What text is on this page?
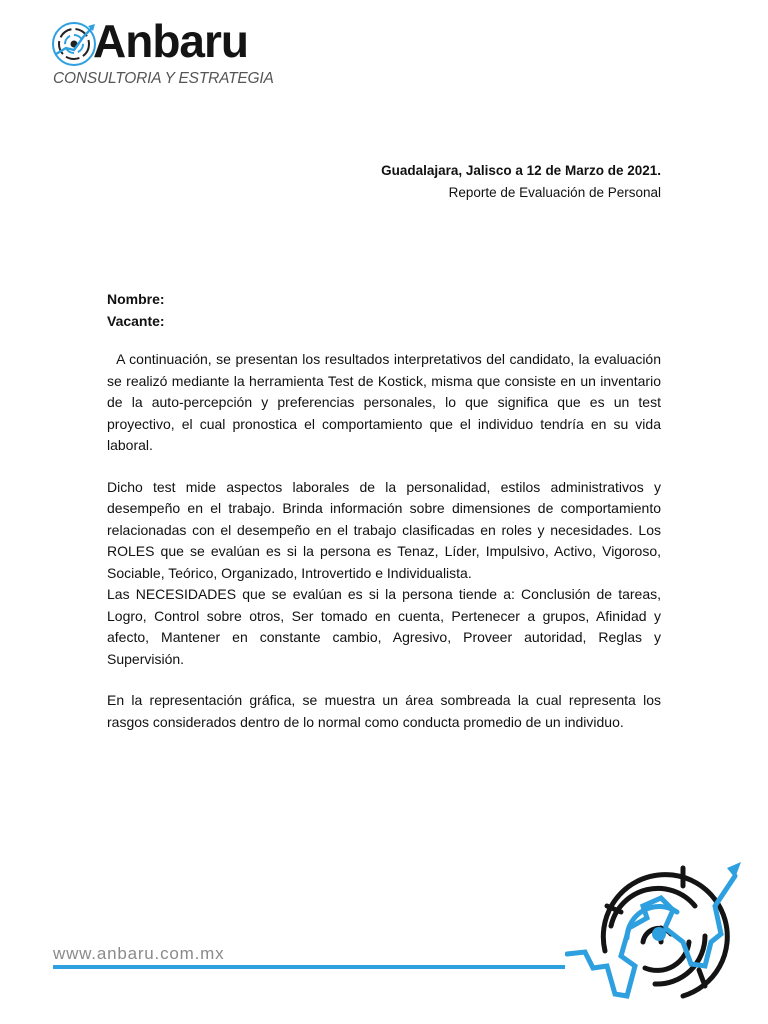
Anbaru
CONSULTORIA Y ESTRATEGIA
Guadalajara, Jalisco a 12 de Marzo de 2021.
Reporte de Evaluación de Personal
Nombre:
Vacante:

A continuación, se presentan los resultados interpretativos del candidato, la evaluación se realizó mediante la herramienta Test de Kostick, misma que consiste en un inventario de la auto-percepción y preferencias personales, lo que significa que es un test proyectivo, el cual pronostica el comportamiento que el individuo tendría en su vida laboral.

Dicho test mide aspectos laborales de la personalidad, estilos administrativos y desempeño en el trabajo. Brinda información sobre dimensiones de comportamiento relacionadas con el desempeño en el trabajo clasificadas en roles y necesidades. Los ROLES que se evalúan es si la persona es Tenaz, Líder, Impulsivo, Activo, Vigoroso, Sociable, Teórico, Organizado, Introvertido e Individualista.

Las NECESIDADES que se evalúan es si la persona tiende a: Conclusión de tareas, Logro, Control sobre otros, Ser tomado en cuenta, Pertenecer a grupos, Afinidad y afecto, Mantener en constante cambio, Agresivo, Proveer autoridad, Reglas y Supervisión.

En la representación gráfica, se muestra un área sombreada la cual representa los rasgos considerados dentro de lo normal como conducta promedio de un individuo.

www.anbaru.com.mx
